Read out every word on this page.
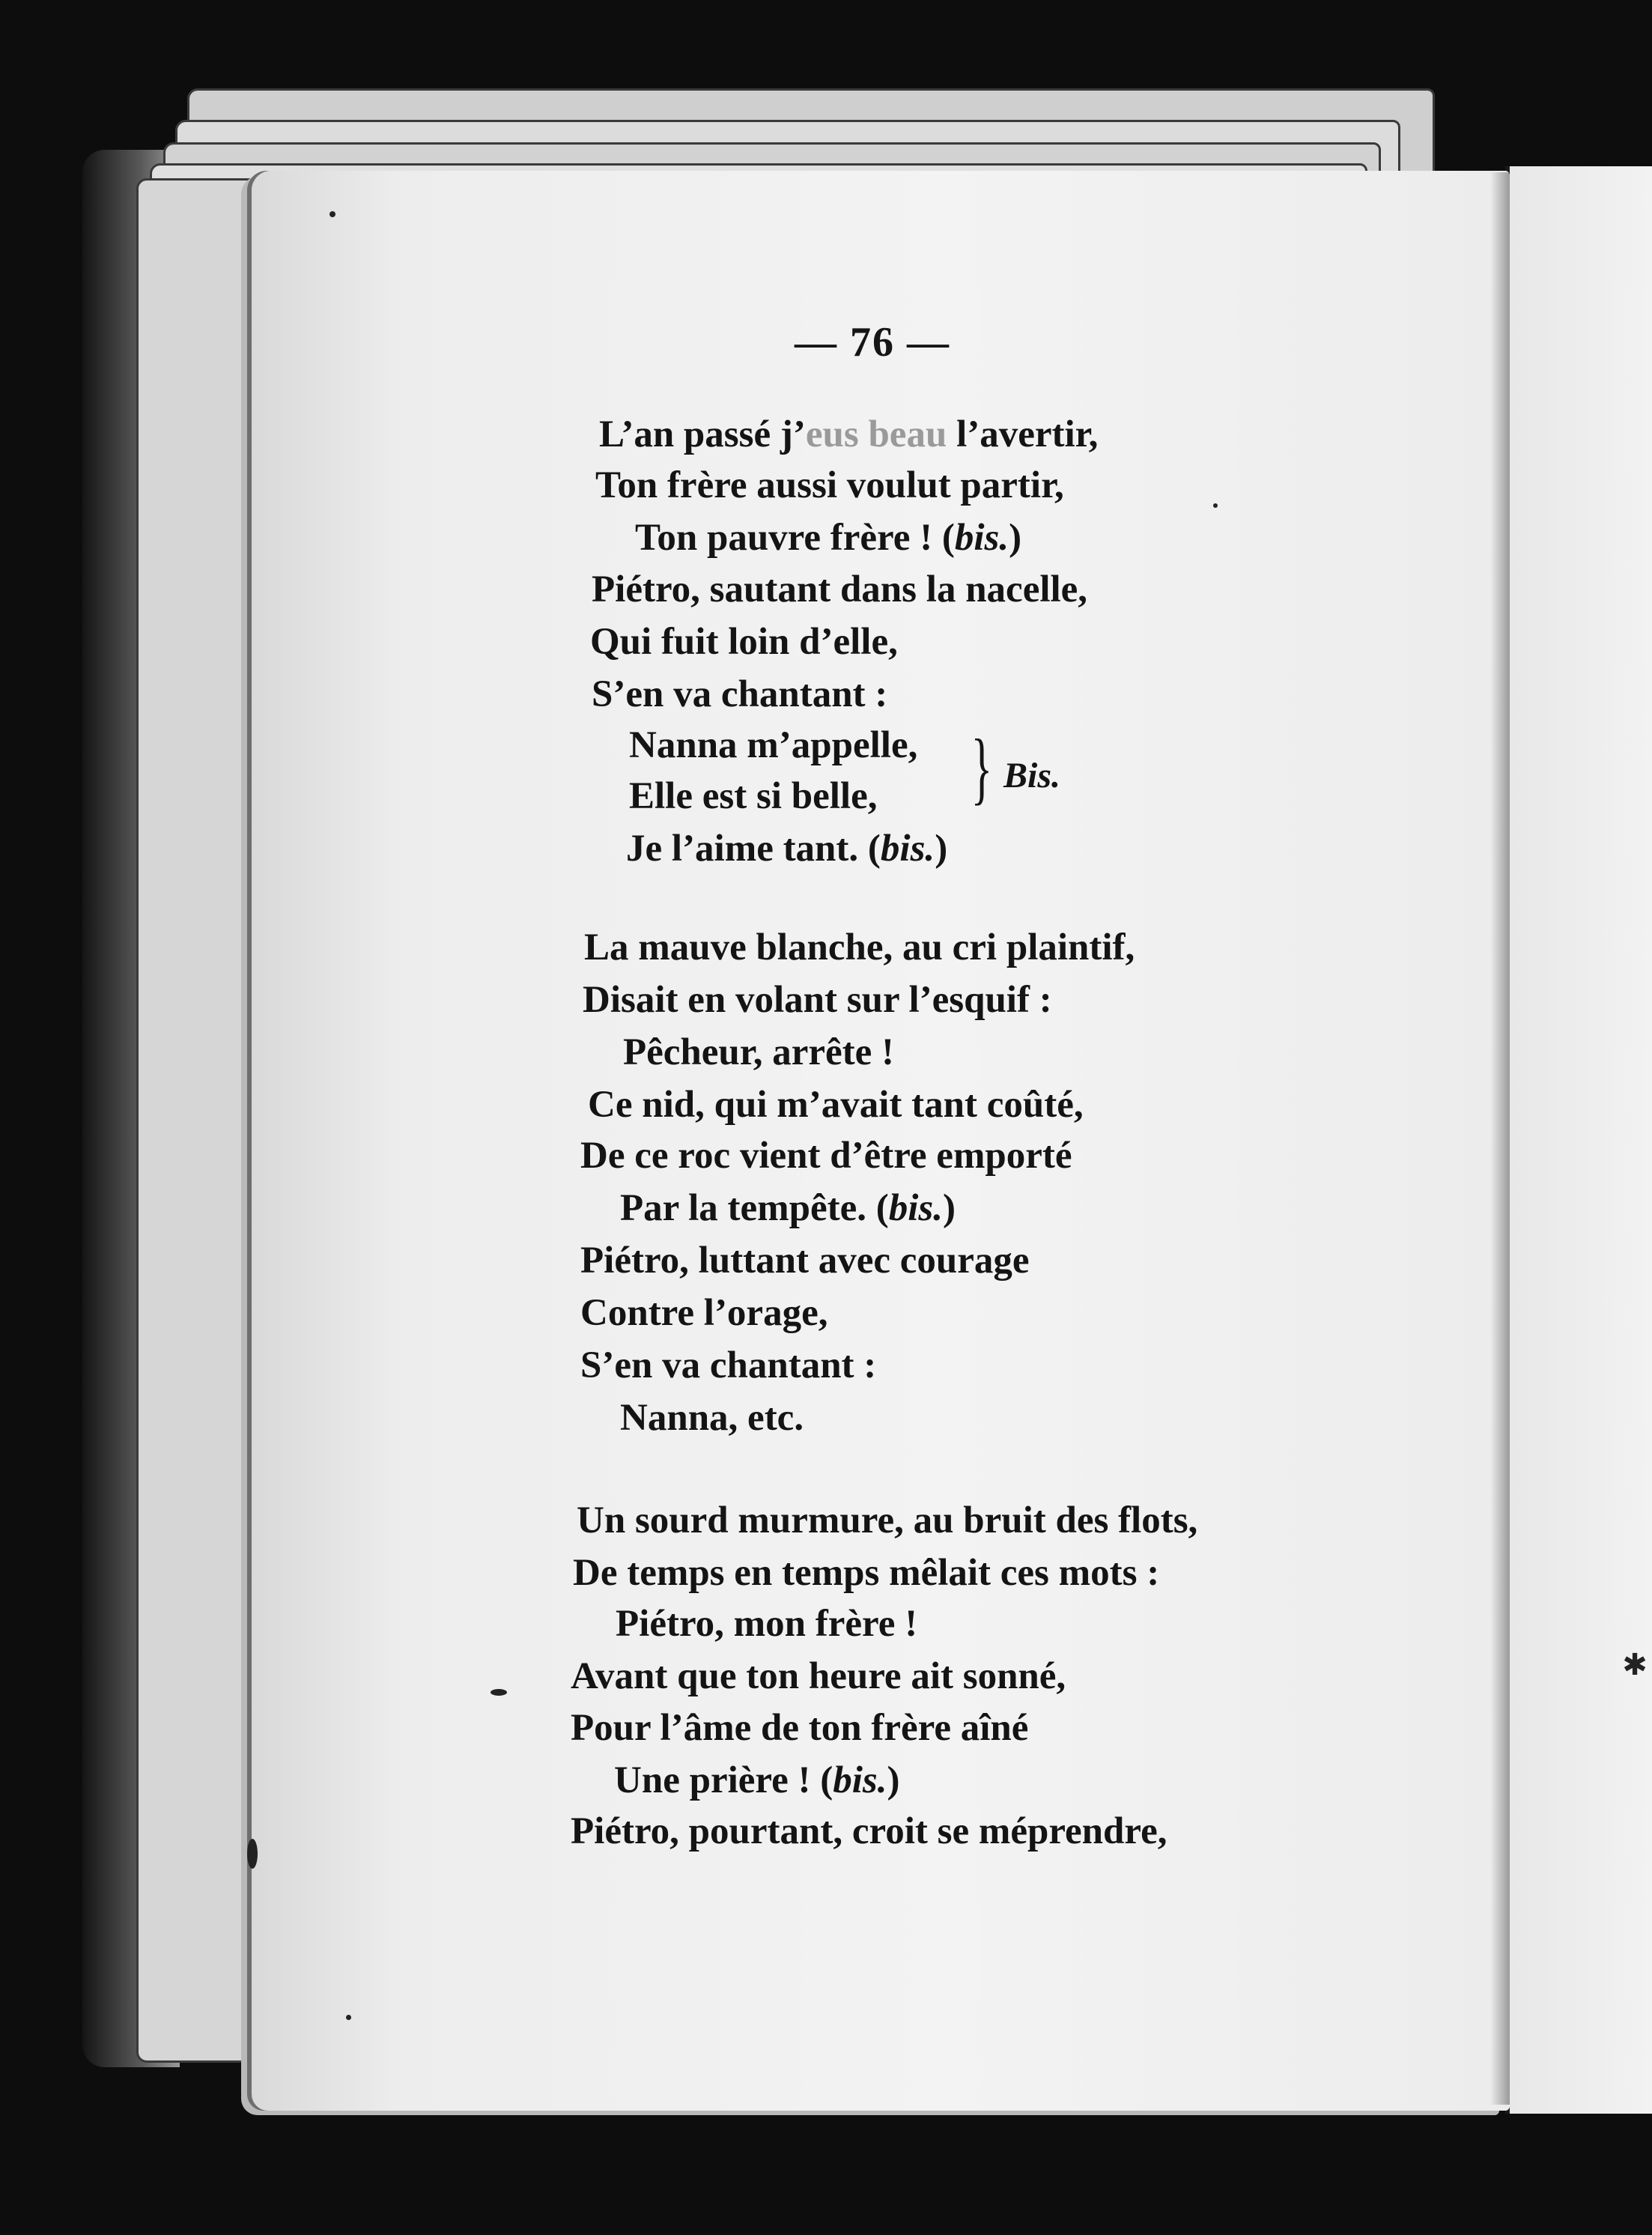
— 76 —
L’an passé j’eus beau l’avertir,
Ton frère aussi voulut partir,
Ton pauvre frère ! (bis.)
Piétro, sautant dans la nacelle,
Qui fuit loin d’elle,
S’en va chantant :
Nanna m’appelle,
Elle est si belle,
Je l’aime tant. (bis.)
} Bis.
La mauve blanche, au cri plaintif,
Disait en volant sur l’esquif :
Pêcheur, arrête !
Ce nid, qui m’avait tant coûté,
De ce roc vient d’être emporté
Par la tempête. (bis.)
Piétro, luttant avec courage
Contre l’orage,
S’en va chantant :
Nanna, etc.
Un sourd murmure, au bruit des flots,
De temps en temps mêlait ces mots :
Piétro, mon frère !
Avant que ton heure ait sonné,
Pour l’âme de ton frère aîné
Une prière ! (bis.)
Piétro, pourtant, croit se méprendre,
✱
